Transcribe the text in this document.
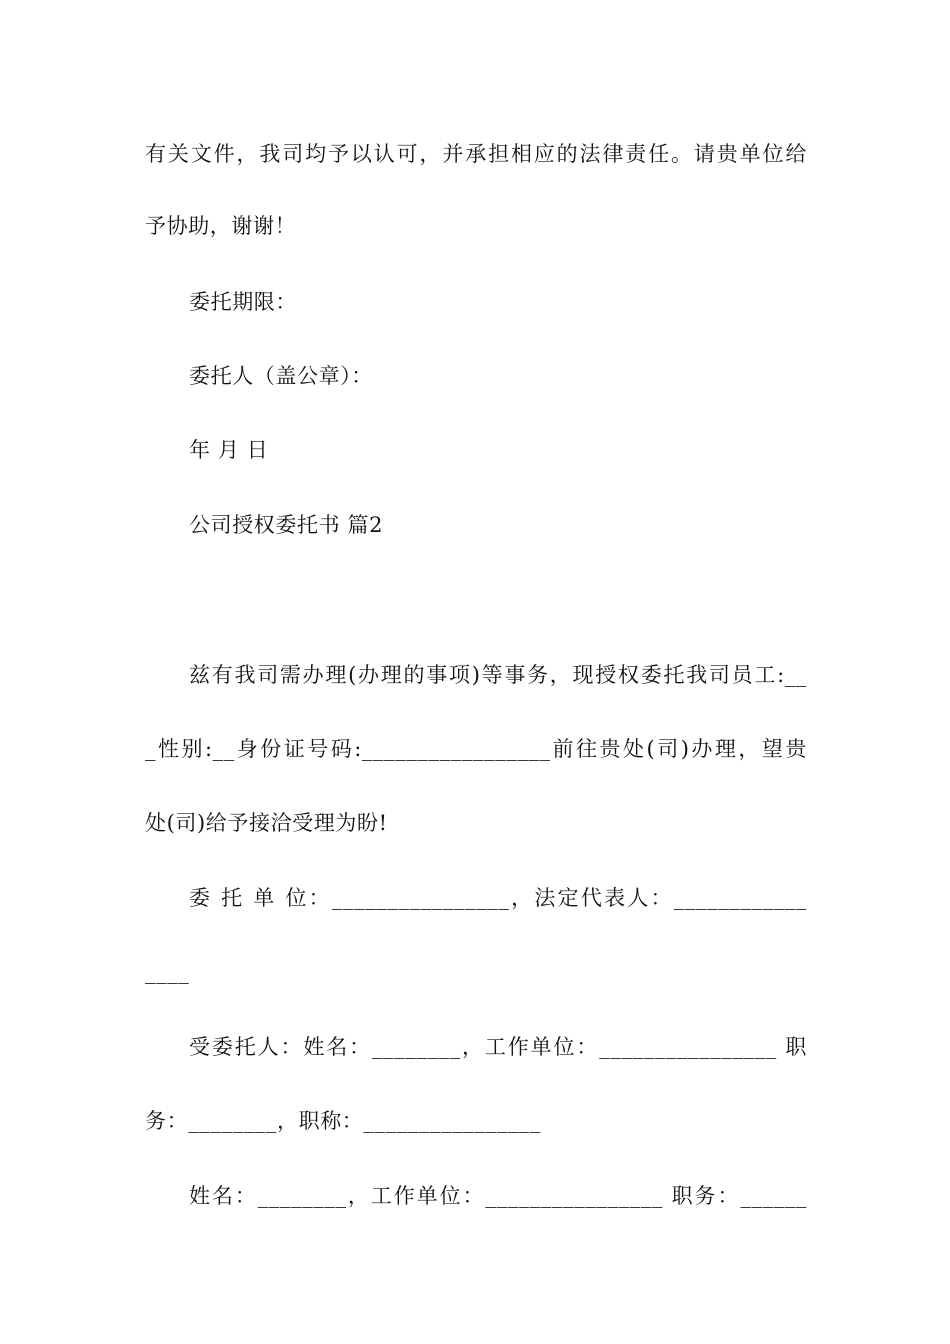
有关文件，我司均予以认可，并承担相应的法律责任。请贵单位给
予协助，谢谢！
委托期限：
委托人（盖公章）：
年 月 日
公司授权委托书 篇2
兹有我司需办理(办理的事项)等事务，现授权委托我司员工:__
_性别:__身份证号码:_________________前往贵处(司)办理，望贵
处(司)给予接洽受理为盼!
委 托 单 位：________________，法定代表人：____________
____
受委托人：姓名：________，工作单位：________________ 职
务：________，职称：________________
姓名：________，工作单位：________________ 职务：______
